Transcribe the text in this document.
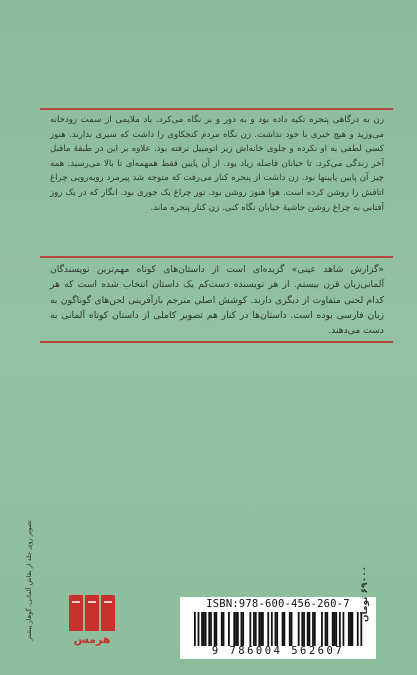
زن به درگاهی پنجره تکیه داده بود و به دور و بر نگاه می‌کرد. باد ملایمی از سمت رودخانه می‌وزید و هیچ خبری با خود نداشت. زن نگاه مردم کنجکاوی را داشت که سیری ندارند. هنوز کسی لطفی به او نکرده و جلوی خانه‌اش زیر اتومبیل نرفته بود. علاوه بر این در طبقهٔ ماقبل آخر زندگی می‌کرد. تا خیابان فاصله زیاد بود. از آن پایین فقط همهمه‌ای تا بالا می‌رسید. همه چیز آن پایین پایینها بود. زن داشت از پنجره کنار می‌رفت که متوجه شد پیرمرد روبه‌رویی چراغ اتاقش را روشن کرده است. هوا هنوز روشن بود. نور چراغ یک جوری بود. انگار که در یک روز آفتابی به چراغ روشن حاشیهٔ خیابان نگاه کنی. زن کنار پنجره ماند.

«گزارش شاهد عینی» گزیده‌ای است از داستان‌های کوتاه مهم‌ترین نویسندگان آلمانی‌زبان قرن بیستم. از هر نویسنده دست‌کم یک داستان انتخاب شده است که هر کدام لحنی متفاوت از دیگری دارند. کوشش اصلی مترجم بازآفرینی لحن‌های گوناگون به زبان فارسی بوده است. داستان‌ها در کنار هم تصویر کاملی از داستان کوتاه آلمانی به دست می‌دهند.

تصویر روی جلد از نقاش آلمانی، گوهار پیشتر	هرمس
ISBN:978-600-456-260-7
9 786004 562607
۶۹۰۰۰ تومان
